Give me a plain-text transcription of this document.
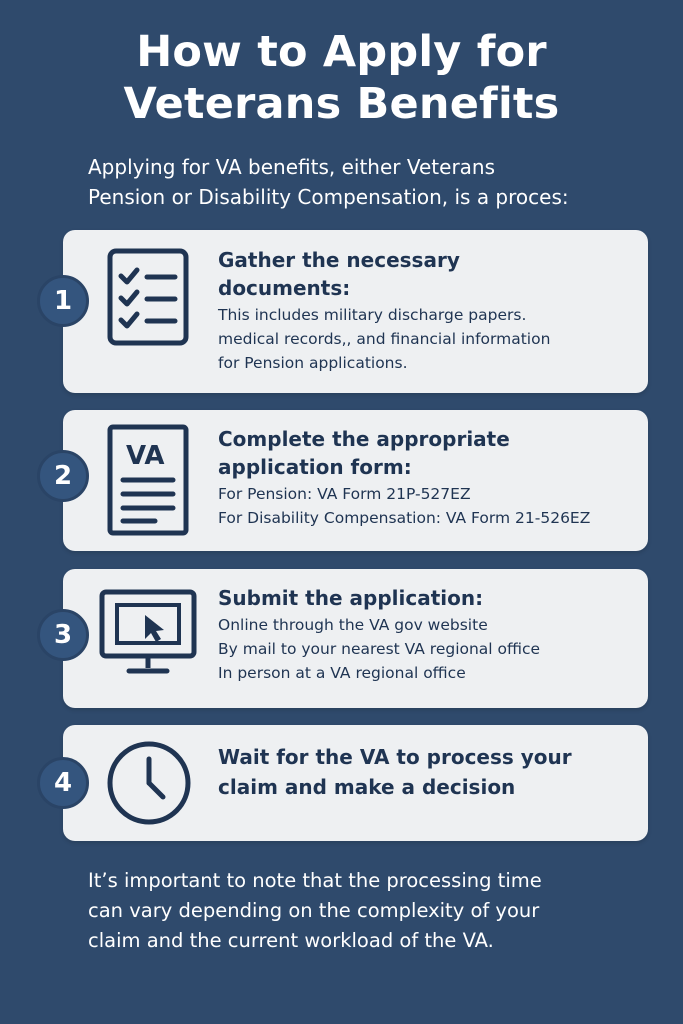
How to Apply for
Veterans Benefits

Applying for VA benefits, either Veterans
Pension or Disability Compensation, is a proces:

1
Gather the necessary
documents:
This includes military discharge papers.
medical records,, and financial information
for Pension applications.
2
VA
Complete the appropriate
application form:
For Pension: VA Form 21P-527EZ
For Disability Compensation: VA Form 21-526EZ
3
Submit the application:
Online through the VA gov website
By mail to your nearest VA regional office
In person at a VA regional office
4
Wait for the VA to process your
claim and make a decision

It’s important to note that the processing time
can vary depending on the complexity of your
claim and the current workload of the VA.
